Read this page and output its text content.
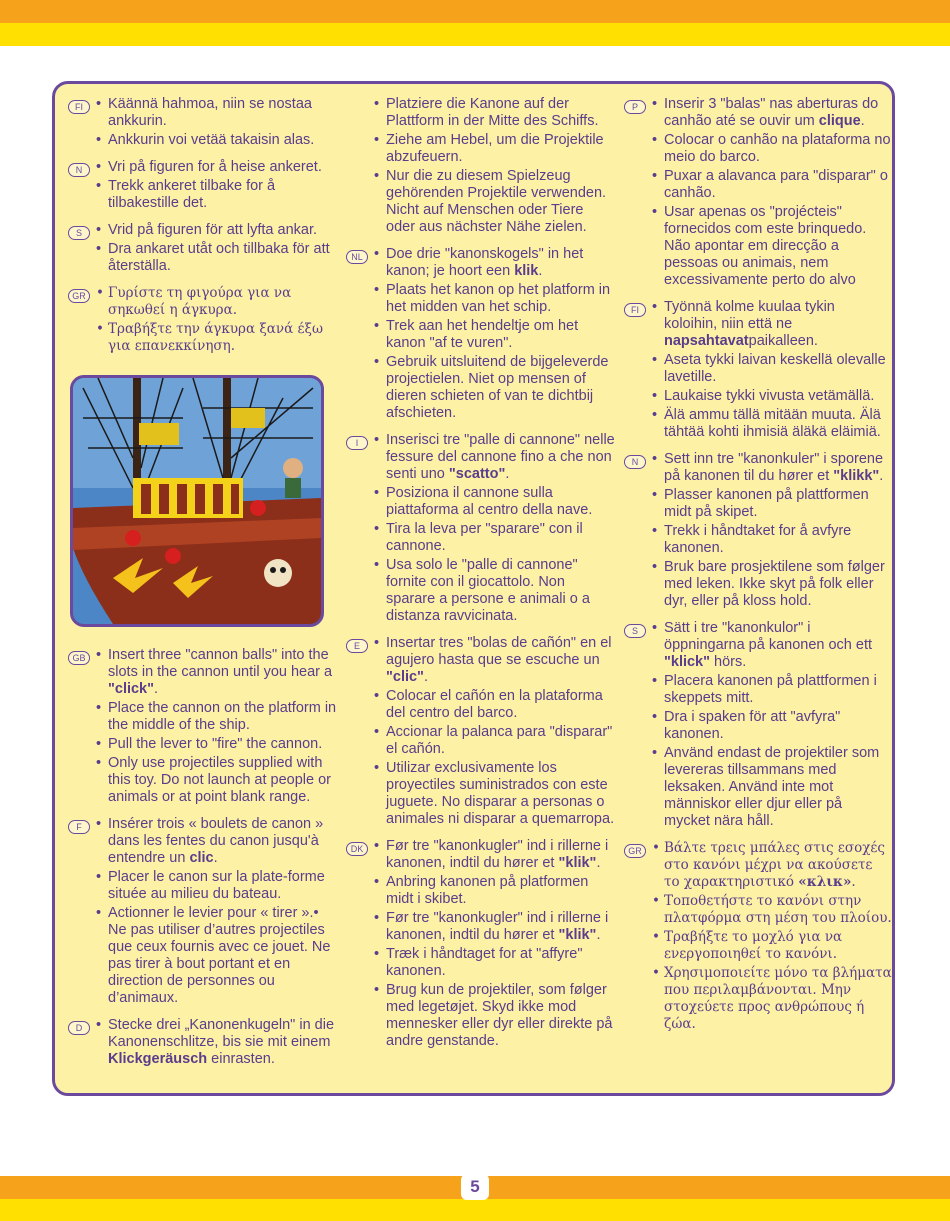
FI	• Käännä hahmoa, niin se nostaa ankkurin.
• Ankkurin voi vetää takaisin alas.
N	• Vri på figuren for å heise ankeret.
• Trekk ankeret tilbake for å tilbakestille det.
S	• Vrid på figuren för att lyfta ankar.
• Dra ankaret utåt och tillbaka för att återställa.
GR	• Γυρίστε τη φιγούρα για να σηκωθεί η άγκυρα.
• Τραβήξτε την άγκυρα ξανά έξω για επανεκκίνηση.
GB	• Insert three "cannon balls" into the slots in the cannon until you hear a "click".
• Place the cannon on the platform in the middle of the ship.
• Pull the lever to "fire" the cannon.
• Only use projectiles supplied with this toy. Do not launch at people or animals or at point blank range.
F	• Insérer trois « boulets de canon » dans les fentes du canon jusqu'à entendre un clic.
• Placer le canon sur la plate-forme située au milieu du bateau.
• Actionner le levier pour « tirer ».• Ne pas utiliser d’autres projectiles que ceux fournis avec ce jouet. Ne pas tirer à bout portant et en direction de personnes ou d’animaux.
D	• Stecke drei „Kanonenkugeln" in die Kanonenschlitze, bis sie mit einem Klickgeräusch einrasten.
• Platziere die Kanone auf der Plattform in der Mitte des Schiffs.
• Ziehe am Hebel, um die Projektile abzufeuern.
• Nur die zu diesem Spielzeug gehörenden Projektile verwenden. Nicht auf Menschen oder Tiere oder aus nächster Nähe zielen.
NL	• Doe drie "kanonskogels" in het kanon; je hoort een klik.
• Plaats het kanon op het platform in het midden van het schip.
• Trek aan het hendeltje om het kanon "af te vuren".
• Gebruik uitsluitend de bijgeleverde projectielen. Niet op mensen of dieren schieten of van te dichtbij afschieten.
I	• Inserisci tre "palle di cannone" nelle fessure del cannone fino a che non senti uno "scatto".
• Posiziona il cannone sulla piattaforma al centro della nave.
• Tira la leva per "sparare" con il cannone.
• Usa solo le "palle di cannone" fornite con il giocattolo. Non sparare a persone e animali o a distanza ravvicinata.
E	• Insertar tres "bolas de cañón" en el agujero hasta que se escuche un "clic".
• Colocar el cañón en la plataforma del centro del barco.
• Accionar la palanca para "disparar" el cañón.
• Utilizar exclusivamente los proyectiles suministrados con este juguete. No disparar a personas o animales ni disparar a quemarropa.
DK	• Før tre "kanonkugler" ind i rillerne i kanonen, indtil du hører et "klik".
• Anbring kanonen på platformen midt i skibet.
• Før tre "kanonkugler" ind i rillerne i kanonen, indtil du hører et "klik".
• Træk i håndtaget for at "affyre" kanonen.
• Brug kun de projektiler, som følger med legetøjet. Skyd ikke mod mennesker eller dyr eller direkte på andre genstande.
P	• Inserir 3 "balas" nas aberturas do canhão até se ouvir um clique.
• Colocar o canhão na plataforma no meio do barco.
• Puxar a alavanca para "disparar" o canhão.
• Usar apenas os "projécteis" fornecidos com este brinquedo. Não apontar em direcção a pessoas ou animais, nem excessivamente perto do alvo
FI	• Työnnä kolme kuulaa tykin koloihin, niin että ne napsahtavatpaikalleen.
• Aseta tykki laivan keskellä olevalle lavetille.
• Laukaise tykki vivusta vetämällä.
• Älä ammu tällä mitään muuta. Älä tähtää kohti ihmisiä äläkä eläimiä.
N	• Sett inn tre "kanonkuler" i sporene på kanonen til du hører et "klikk".
• Plasser kanonen på plattformen midt på skipet.
• Trekk i håndtaket for å avfyre kanonen.
• Bruk bare prosjektilene som følger med leken. Ikke skyt på folk eller dyr, eller på kloss hold.
S	• Sätt i tre "kanonkulor" i öppningarna på kanonen och ett "klick" hörs.
• Placera kanonen på plattformen i skeppets mitt.
• Dra i spaken för att "avfyra" kanonen.
• Använd endast de projektiler som levereras tillsammans med leksaken. Använd inte mot människor eller djur eller på mycket nära håll.
GR	• Βάλτε τρεις μπάλες στις εσοχές στο κανόνι μέχρι να ακούσετε το χαρακτηριστικό «κλικ».
• Τοποθετήστε το κανόνι στην πλατφόρμα στη μέση του πλοίου.
• Τραβήξτε το μοχλό για να ενεργοποιηθεί το κανόνι.
• Χρησιμοποιείτε μόνο τα βλήματα που περιλαμβάνονται. Μην στοχεύετε προς ανθρώπους ή ζώα.
5
